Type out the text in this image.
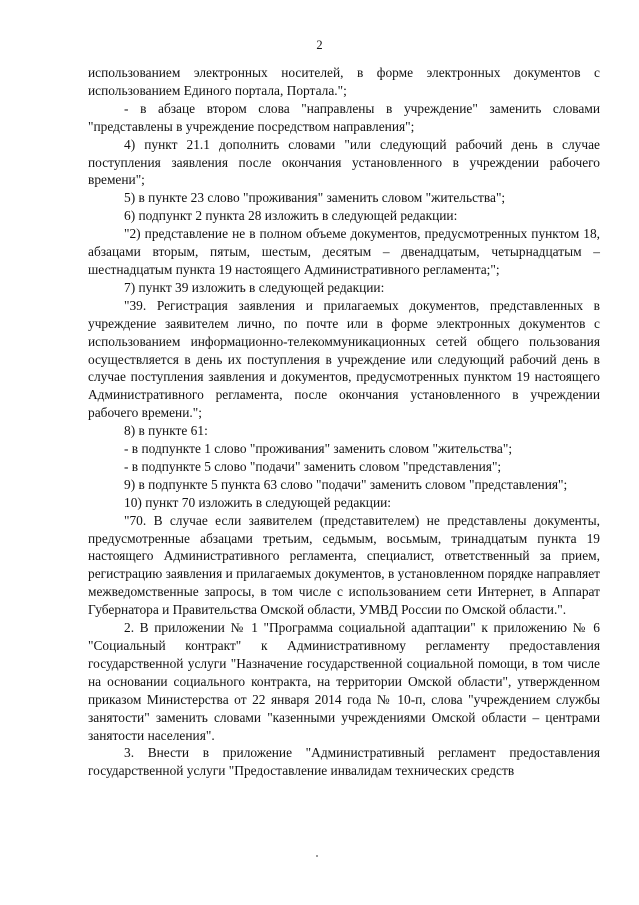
2

использованием электронных носителей, в форме электронных документов с использованием Единого портала, Портала.";

- в абзаце втором слова "направлены в учреждение" заменить словами "представлены в учреждение посредством направления";

4) пункт 21.1 дополнить словами "или следующий рабочий день в случае поступления заявления после окончания установленного в учреждении рабочего времени";

5) в пункте 23 слово "проживания" заменить словом "жительства";

6) подпункт 2 пункта 28 изложить в следующей редакции:

"2) представление не в полном объеме документов, предусмотренных пунктом 18, абзацами вторым, пятым, шестым, десятым – двенадцатым, четырнадцатым – шестнадцатым пункта 19 настоящего Административного регламента;";

7) пункт 39 изложить в следующей редакции:

"39. Регистрация заявления и прилагаемых документов, представленных в учреждение заявителем лично, по почте или в форме электронных документов с использованием информационно-телекоммуникационных сетей общего пользования осуществляется в день их поступления в учреждение или следующий рабочий день в случае поступления заявления и документов, предусмотренных пунктом 19 настоящего Административного регламента, после окончания установленного в учреждении рабочего времени.";

8) в пункте 61:

- в подпункте 1 слово "проживания" заменить словом "жительства";

- в подпункте 5 слово "подачи" заменить словом "представления";

9) в подпункте 5 пункта 63 слово "подачи" заменить словом "представления";

10) пункт 70 изложить в следующей редакции:

"70. В случае если заявителем (представителем) не представлены документы, предусмотренные абзацами третьим, седьмым, восьмым, тринадцатым пункта 19 настоящего Административного регламента, специалист, ответственный за прием, регистрацию заявления и прилагаемых документов, в установленном порядке направляет межведомственные запросы, в том числе с использованием сети Интернет, в Аппарат Губернатора и Правительства Омской области, УМВД России по Омской области.".

2. В приложении № 1 "Программа социальной адаптации" к приложению № 6 "Социальный контракт" к Административному регламенту предоставления государственной услуги "Назначение государственной социальной помощи, в том числе на основании социального контракта, на территории Омской области", утвержденном приказом Министерства от 22 января 2014 года № 10-п, слова "учреждением службы занятости" заменить словами "казенными учреждениями Омской области – центрами занятости населения".

3. Внести в приложение "Административный регламент предоставления государственной услуги "Предоставление инвалидам технических средств
